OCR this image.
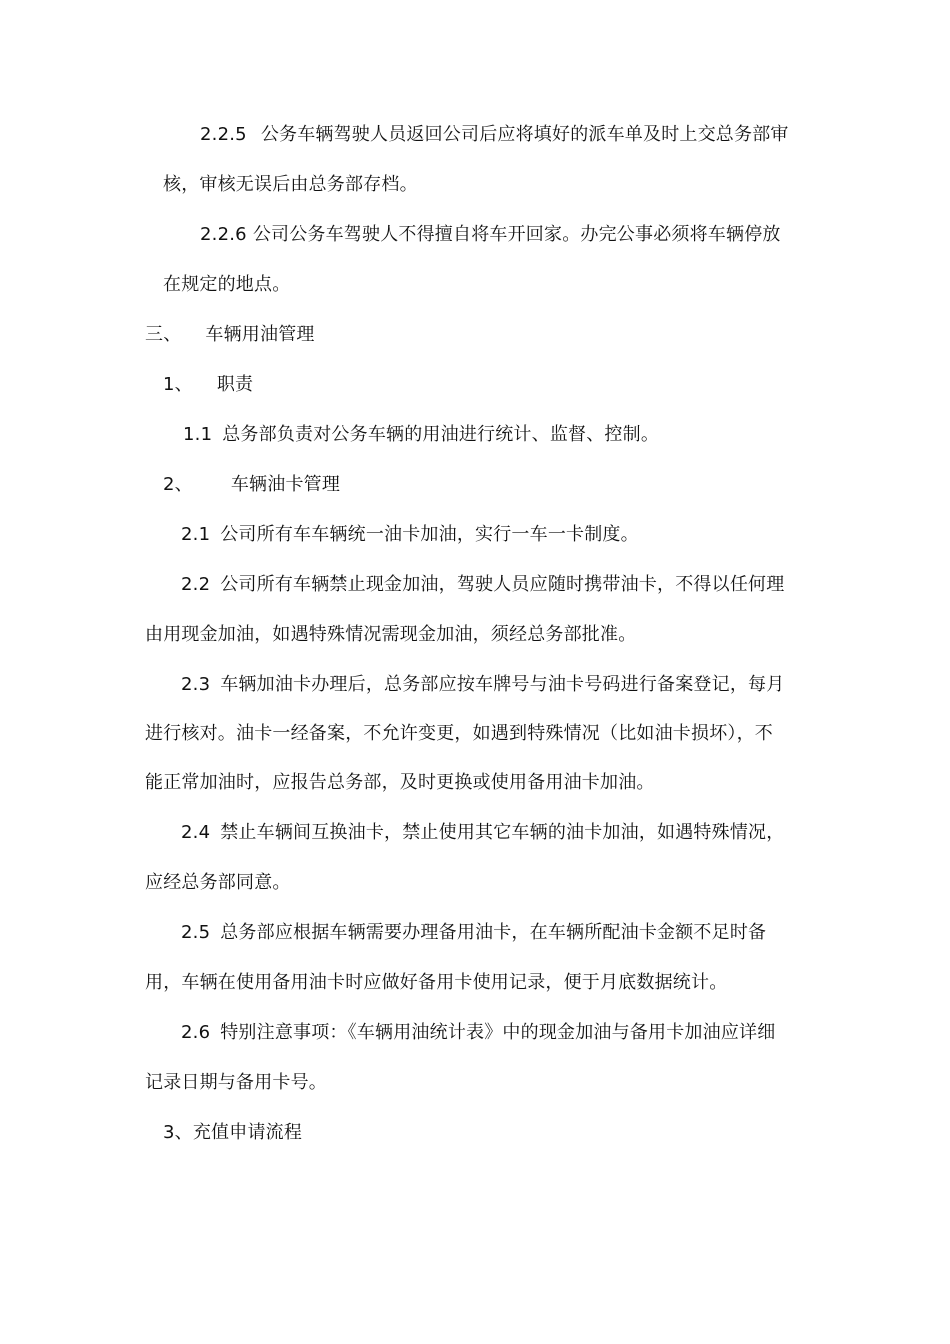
2.2.5 公务车辆驾驶人员返回公司后应将填好的派车单及时上交总务部审
核，审核无误后由总务部存档。
2.2.6 公司公务车驾驶人不得擅自将车开回家。办完公事必须将车辆停放
在规定的地点。
三、 车辆用油管理
1、 职责
1.1 总务部负责对公务车辆的用油进行统计、监督、控制。
2、 车辆油卡管理
2.1 公司所有车车辆统一油卡加油，实行一车一卡制度。
2.2 公司所有车辆禁止现金加油，驾驶人员应随时携带油卡，不得以任何理
由用现金加油，如遇特殊情况需现金加油，须经总务部批准。
2.3 车辆加油卡办理后，总务部应按车牌号与油卡号码进行备案登记，每月
进行核对。油卡一经备案，不允许变更，如遇到特殊情况（比如油卡损坏），不
能正常加油时，应报告总务部，及时更换或使用备用油卡加油。
2.4 禁止车辆间互换油卡，禁止使用其它车辆的油卡加油，如遇特殊情况，
应经总务部同意。
2.5 总务部应根据车辆需要办理备用油卡，在车辆所配油卡金额不足时备
用，车辆在使用备用油卡时应做好备用卡使用记录，便于月底数据统计。
2.6 特别注意事项：《车辆用油统计表》中的现金加油与备用卡加油应详细
记录日期与备用卡号。
3、充值申请流程
